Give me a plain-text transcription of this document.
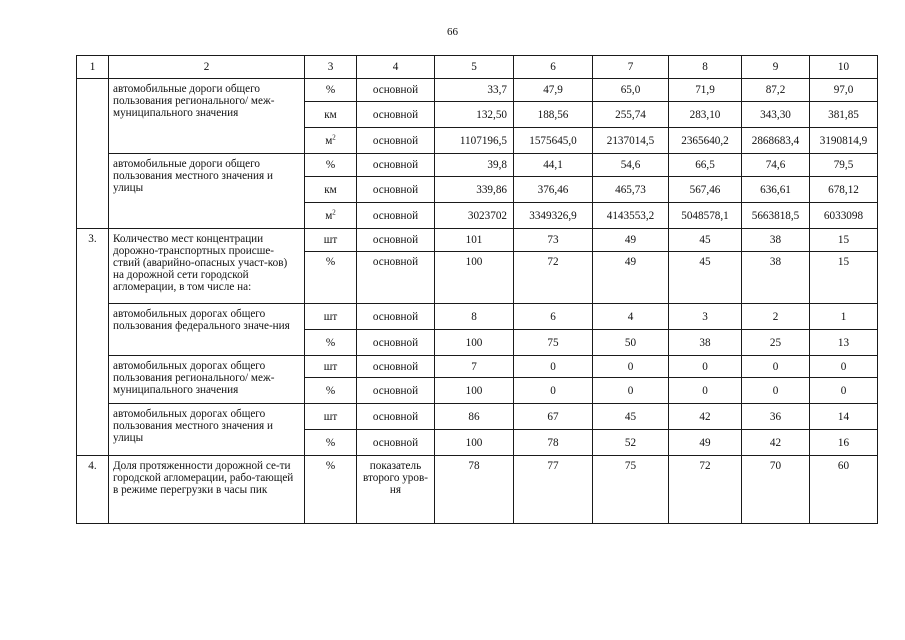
66
1	2	3	4	5	6	7	8	9	10
	автомобильные дороги общего пользования регионального/ меж-муниципального значения	%	основной	33,7	47,9	65,0	71,9	87,2	97,0
		км	основной	132,50	188,56	255,74	283,10	343,30	381,85
		$м^2$	основной	1107196,5	1575645,0	2137014,5	2365640,2	2868683,4	3190814,9
	автомобильные дороги общего пользования местного значения и улицы	%	основной	39,8	44,1	54,6	66,5	74,6	79,5
		км	основной	339,86	376,46	465,73	567,46	636,61	678,12
		$м^2$	основной	3023702	3349326,9	4143553,2	5048578,1	5663818,5	6033098
3.	Количество мест концентрации дорожно-транспортных происше-ствий (аварийно-опасных участ-ков) на дорожной сети городской агломерации, в том числе на:	шт	основной	101	73	49	45	38	15
		%	основной	100	72	49	45	38	15
	автомобильных дорогах общего пользования федерального значе-ния	шт	основной	8	6	4	3	2	1
		%	основной	100	75	50	38	25	13
	автомобильных дорогах общего пользования регионального/ меж-муниципального значения	шт	основной	7	0	0	0	0	0
		%	основной	100	0	0	0	0	0
	автомобильных дорогах общего пользования местного значения и улицы	шт	основной	86	67	45	42	36	14
		%	основной	100	78	52	49	42	16
4.	Доля протяженности дорожной се-ти городской агломерации, рабо-тающей в режиме перегрузки в часы пик	%	показатель второго уров-ня	78	77	75	72	70	60
